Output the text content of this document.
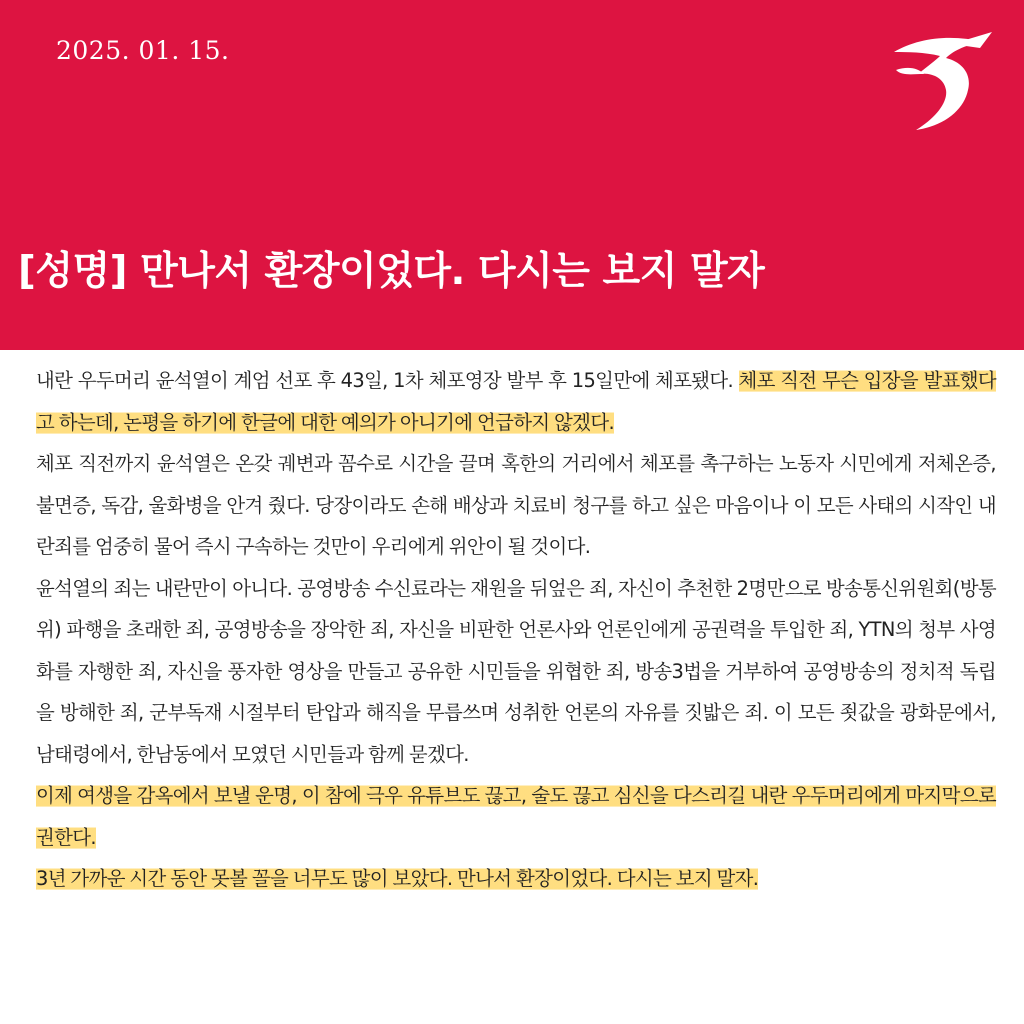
2025. 01. 15.
[성명] 만나서 환장이었다. 다시는 보지 말자

내란 우두머리 윤석열이 계엄 선포 후 43일, 1차 체포영장 발부 후 15일만에 체포됐다. 체포 직전 무슨 입장을 발표했다고 하는데, 논평을 하기에 한글에 대한 예의가 아니기에 언급하지 않겠다.

체포 직전까지 윤석열은 온갖 궤변과 꼼수로 시간을 끌며 혹한의 거리에서 체포를 촉구하는 노동자 시민에게 저체온증, 불면증, 독감, 울화병을 안겨 줬다. 당장이라도 손해 배상과 치료비 청구를 하고 싶은 마음이나 이 모든 사태의 시작인 내란죄를 엄중히 물어 즉시 구속하는 것만이 우리에게 위안이 될 것이다.

윤석열의 죄는 내란만이 아니다. 공영방송 수신료라는 재원을 뒤엎은 죄, 자신이 추천한 2명만으로 방송통신위원회(방통위) 파행을 초래한 죄, 공영방송을 장악한 죄, 자신을 비판한 언론사와 언론인에게 공권력을 투입한 죄, YTN의 청부 사영화를 자행한 죄, 자신을 풍자한 영상을 만들고 공유한 시민들을 위협한 죄, 방송3법을 거부하여 공영방송의 정치적 독립을 방해한 죄, 군부독재 시절부터 탄압과 해직을 무릅쓰며 성취한 언론의 자유를 짓밟은 죄. 이 모든 죗값을 광화문에서, 남태령에서, 한남동에서 모였던 시민들과 함께 묻겠다.

이제 여생을 감옥에서 보낼 운명, 이 참에 극우 유튜브도 끊고, 술도 끊고 심신을 다스리길 내란 우두머리에게 마지막으로 권한다.

3년 가까운 시간 동안 못볼 꼴을 너무도 많이 보았다. 만나서 환장이었다. 다시는 보지 말자.
